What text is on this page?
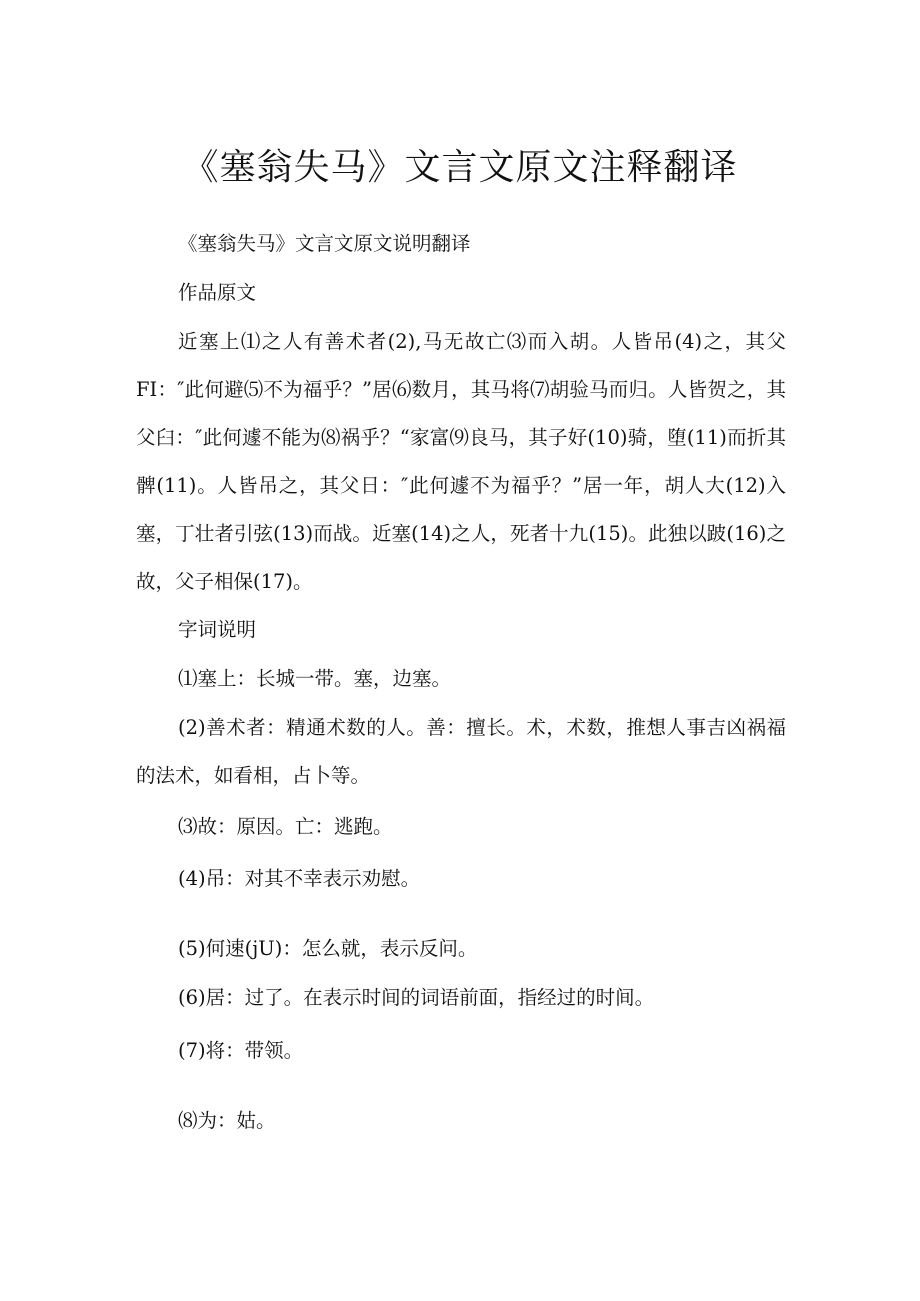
《塞翁失马》文言文原文注释翻译

《塞翁失马》文言文原文说明翻译

作品原文

近塞上⑴之人有善术者(2),马无故亡⑶而入胡。人皆吊(4)之，其父FI：″此何避⑸不为福乎？”居⑹数月，其马将⑺胡验马而归。人皆贺之，其父臼：″此何遽不能为⑻祸乎？“家富⑼良马，其子好(10)骑，堕(11)而折其髀(11)。人皆吊之，其父日：″此何遽不为福乎？”居一年，胡人大(12)入塞，丁壮者引弦(13)而战。近塞(14)之人，死者十九(15)。此独以跛(16)之故，父子相保(17)。

字词说明

⑴塞上：长城一带。塞，边塞。

(2)善术者：精通术数的人。善：擅长。术，术数，推想人事吉凶祸福的法术，如看相，占卜等。

⑶故：原因。亡：逃跑。

(4)吊：对其不幸表示劝慰。

(5)何速(jU)：怎么就，表示反问。

(6)居：过了。在表示时间的词语前面，指经过的时间。

(7)将：带领。

⑻为：姑。
